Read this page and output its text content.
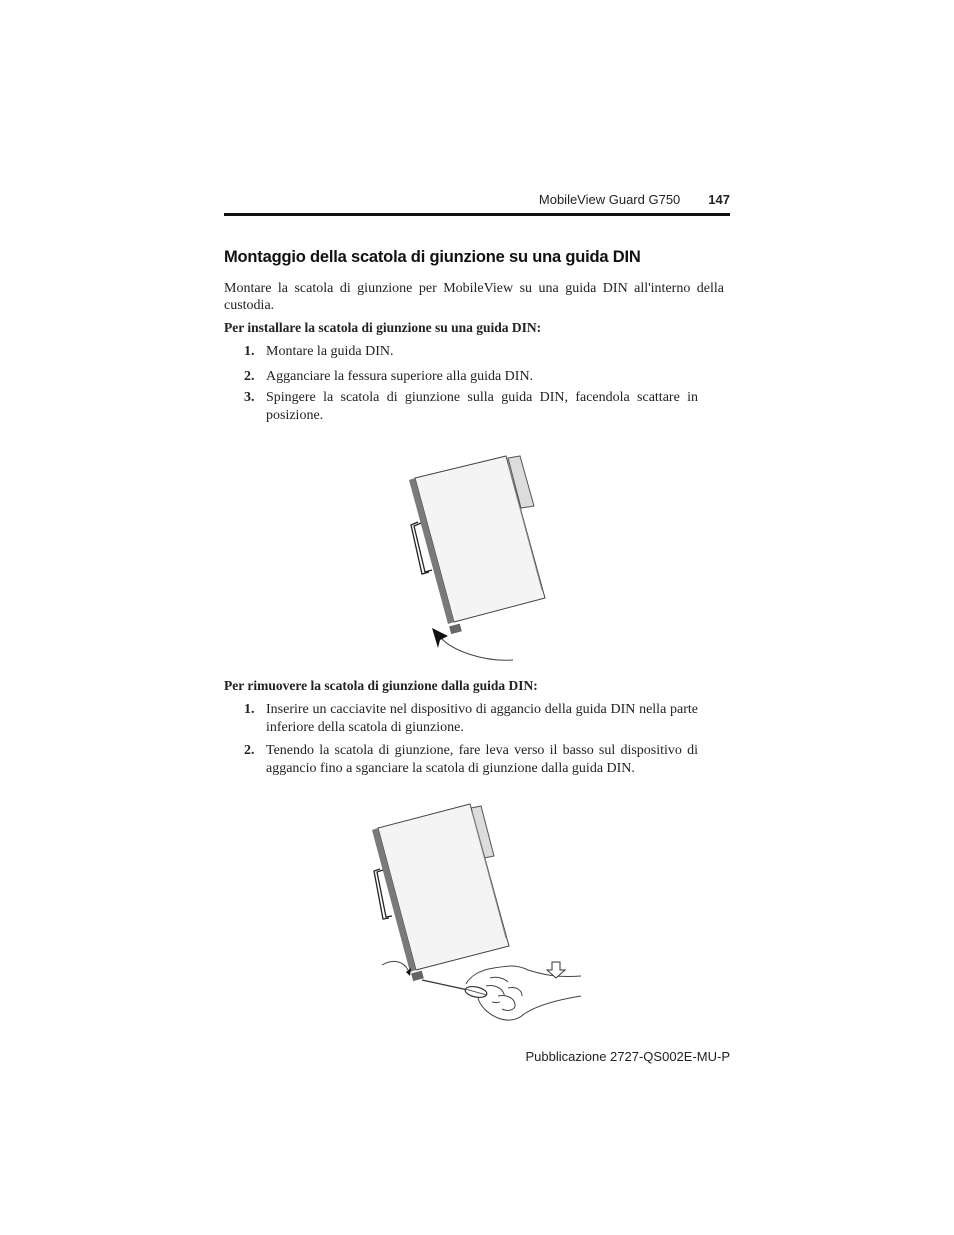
MobileView Guard G750 147
Montaggio della scatola di giunzione su una guida DIN

Montare la scatola di giunzione per MobileView su una guida DIN all'interno della custodia.

Per installare la scatola di giunzione su una guida DIN:

1. Montare la guida DIN.
2. Agganciare la fessura superiore alla guida DIN.
3. Spingere la scatola di giunzione sulla guida DIN, facendola scattare in posizione.

Per rimuovere la scatola di giunzione dalla guida DIN:

1. Inserire un cacciavite nel dispositivo di aggancio della guida DIN nella parte inferiore della scatola di giunzione.
2. Tenendo la scatola di giunzione, fare leva verso il basso sul dispositivo di aggancio fino a sganciare la scatola di giunzione dalla guida DIN.
Pubblicazione 2727-QS002E-MU-P
